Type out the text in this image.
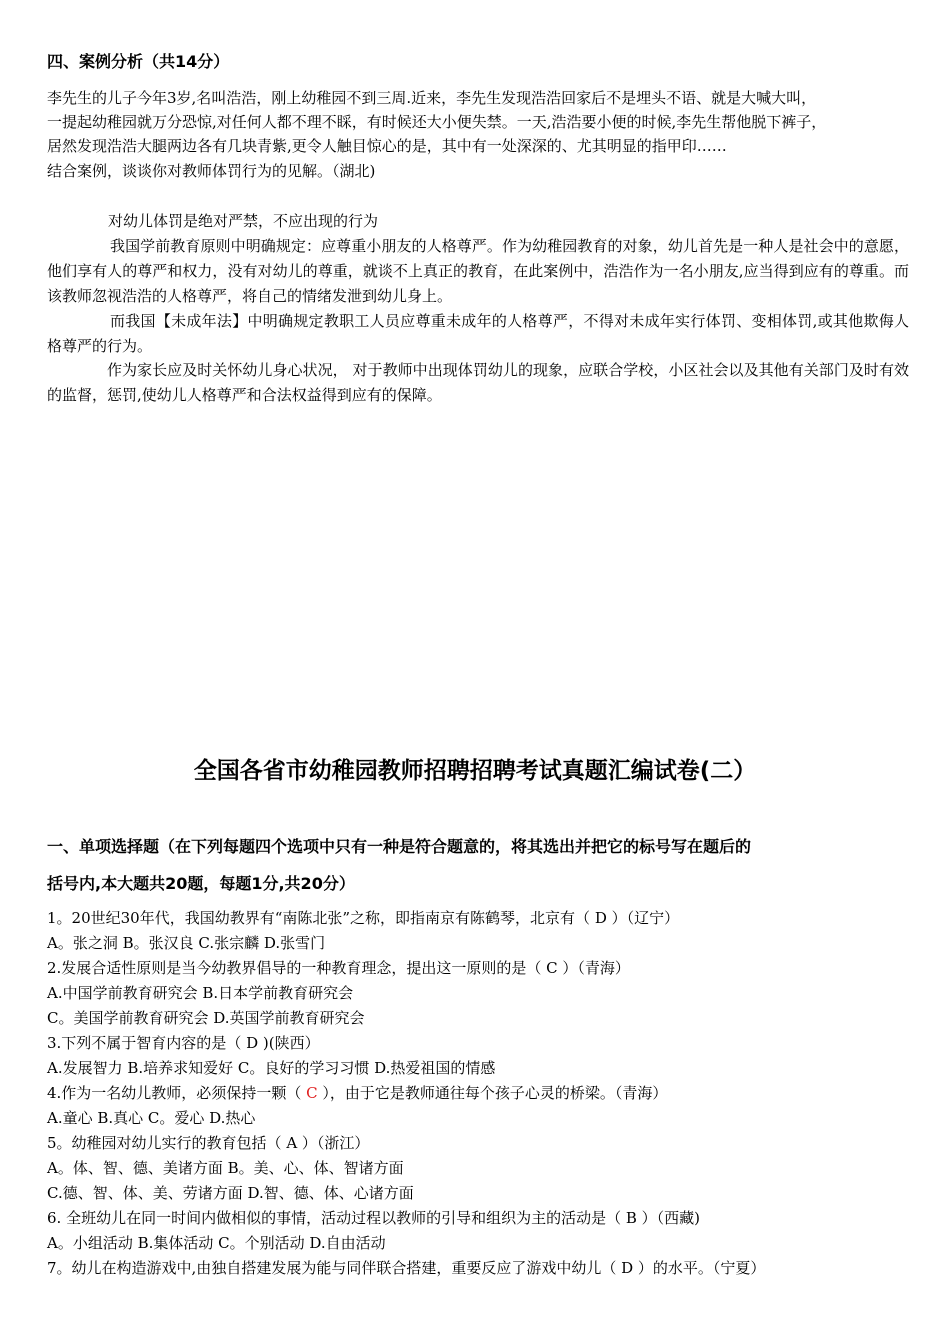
四、案例分析（共14分）
李先生的儿子今年3岁,名叫浩浩，刚上幼稚园不到三周.近来，李先生发现浩浩回家后不是埋头不语、就是大喊大叫，
一提起幼稚园就万分恐惊,对任何人都不理不睬，有时候还大小便失禁。一天,浩浩要小便的时候,李先生帮他脱下裤子，
居然发现浩浩大腿两边各有几块青紫,更令人触目惊心的是，其中有一处深深的、尤其明显的指甲印……
结合案例，谈谈你对教师体罚行为的见解。（湖北)
对幼儿体罚是绝对严禁，不应出现的行为
我国学前教育原则中明确规定：应尊重小朋友的人格尊严。作为幼稚园教育的对象，幼儿首先是一种人是社会中的意愿，他们享有人的尊严和权力，没有对幼儿的尊重，就谈不上真正的教育，在此案例中，浩浩作为一名小朋友,应当得到应有的尊重。而该教师忽视浩浩的人格尊严，将自己的情绪发泄到幼儿身上。
而我国【未成年法】中明确规定教职工人员应尊重未成年的人格尊严，不得对未成年实行体罚、变相体罚,或其他欺侮人格尊严的行为。
作为家长应及时关怀幼儿身心状况， 对于教师中出现体罚幼儿的现象，应联合学校，小区社会以及其他有关部门及时有效的监督，惩罚,使幼儿人格尊严和合法权益得到应有的保障。
全国各省市幼稚园教师招聘招聘考试真题汇编试卷(二）
一、单项选择题（在下列每题四个选项中只有一种是符合题意的，将其选出并把它的标号写在题后的
括号内,本大题共20题，每题1分,共20分）
1。20世纪30年代，我国幼教界有“南陈北张”之称，即指南京有陈鹤琴，北京有（ D ）（辽宁）
A。张之洞 B。张汉良 C.张宗麟 D.张雪门
2.发展合适性原则是当今幼教界倡导的一种教育理念，提出这一原则的是（ C ）（青海）
A.中国学前教育研究会 B.日本学前教育研究会
C。美国学前教育研究会 D.英国学前教育研究会
3.下列不属于智育内容的是（ D )(陕西）
A.发展智力 B.培养求知爱好 C。良好的学习习惯 D.热爱祖国的情感
4.作为一名幼儿教师，必须保持一颗（ C ），由于它是教师通往每个孩子心灵的桥梁。（青海）
A.童心 B.真心 C。爱心 D.热心
5。幼稚园对幼儿实行的教育包括（ A ）（浙江）
A。体、智、德、美诸方面 B。美、心、体、智诸方面
C.德、智、体、美、劳诸方面 D.智、德、体、心诸方面
6. 全班幼儿在同一时间内做相似的事情，活动过程以教师的引导和组织为主的活动是（ B ）（西藏)
A。小组活动 B.集体活动 C。个别活动 D.自由活动
7。幼儿在构造游戏中,由独自搭建发展为能与同伴联合搭建，重要反应了游戏中幼儿（ D ）的水平。（宁夏）
